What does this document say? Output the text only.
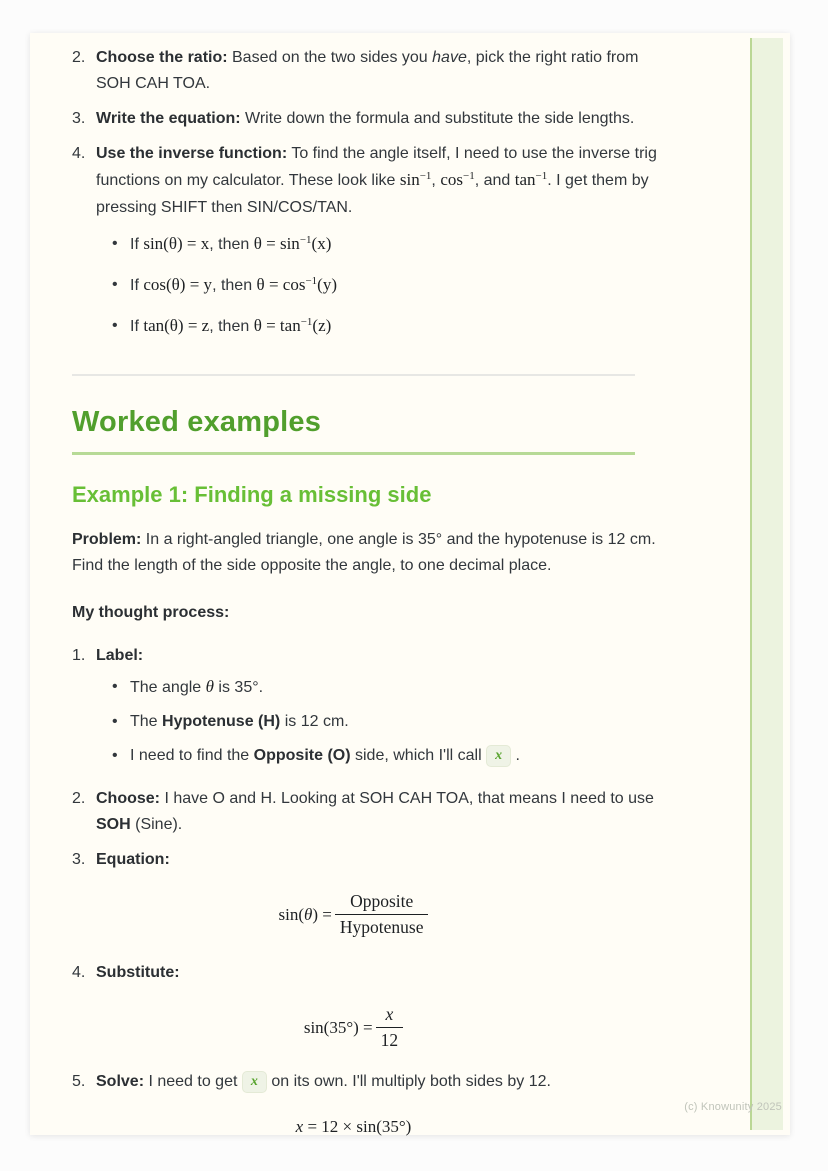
(c) Knowunity 2025
2. Choose the ratio: Based on the two sides you have, pick the right ratio from SOH CAH TOA.

3. Write the equation: Write down the formula and substitute the side lengths.

4. Use the inverse function: To find the angle itself, I need to use the inverse trig functions on my calculator. These look like $\sin^{-1}$, $\cos^{-1}$, and $\tan^{-1}$. I get them by pressing SHIFT then SIN/COS/TAN.

•

If sin(θ) = x, then $\theta = \sin^{-1}(x)$

•

If cos(θ) = y, then $\theta = \cos^{-1}(y)$

•

If tan(θ) = z, then $\theta = \tan^{-1}(z)$

Worked examples
Example 1: Finding a missing side

Problem: In a right-angled triangle, one angle is 35° and the hypotenuse is 12 cm. Find the length of the side opposite the angle, to one decimal place.

My thought process:

1. Label:

•

The angle θ is 35°.

•

The Hypotenuse (H) is 12 cm.

•

I need to find the Opposite (O) side, which I'll call x .

2. Choose: I have O and H. Looking at SOH CAH TOA, that means I need to use SOH (Sine).

3. Equation:

$\sin(\theta) = \frac{\text{Opposite}}{\text{Hypotenuse}}$
4. Substitute:

$\sin(35^\circ) = \frac{x}{12}$
5. Solve: I need to get x on its own. I'll multiply both sides by 12.

x = 12 × sin(35°)
